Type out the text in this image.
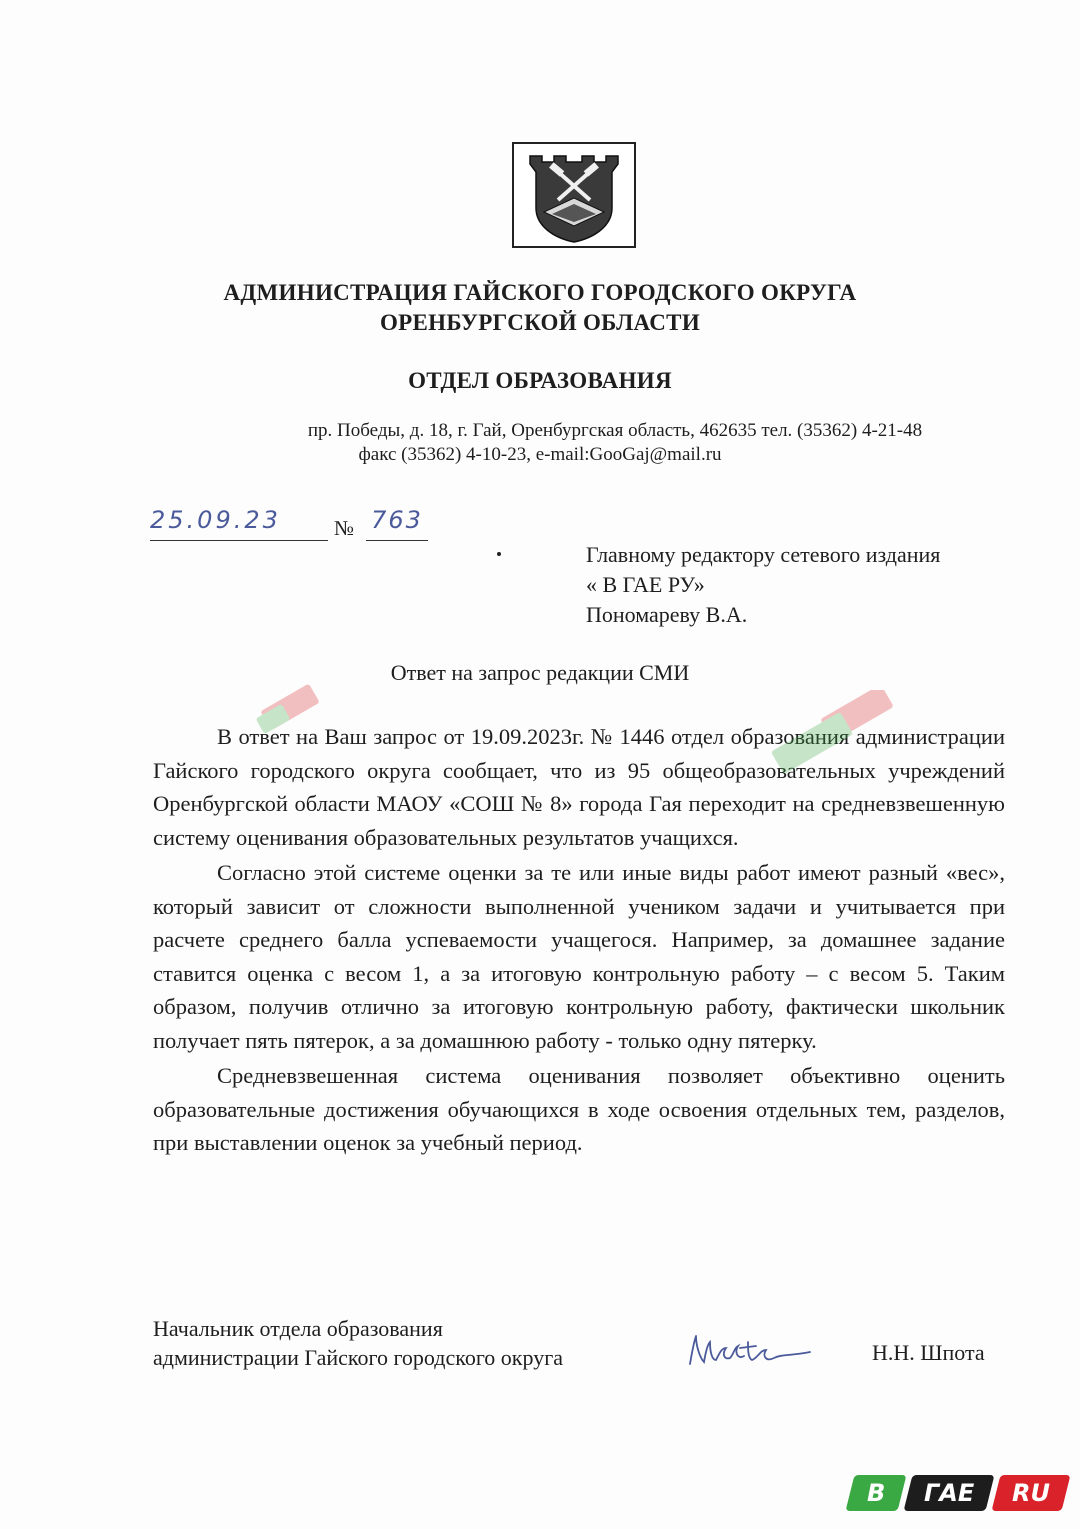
АДМИНИСТРАЦИЯ ГАЙСКОГО ГОРОДСКОГО ОКРУГА
ОРЕНБУРГСКОЙ ОБЛАСТИ
ОТДЕЛ ОБРАЗОВАНИЯ
пр. Победы, д. 18, г. Гай, Оренбургская область, 462635 тел. (35362) 4-21-48
факс (35362) 4-10-23, e-mail:GooGaj@mail.ru
25.09.23	№ 763
Главному редактору сетевого издания
« В ГАЕ РУ»
Пономареву В.А.
Ответ на запрос редакции СМИ

В ответ на Ваш запрос от 19.09.2023г. № 1446 отдел образования администрации Гайского городского округа сообщает, что из 95 общеобразовательных учреждений Оренбургской области МАОУ «СОШ № 8» города Гая переходит на средневзвешенную систему оценивания образовательных результатов учащихся.

Согласно этой системе оценки за те или иные виды работ имеют разный «вес», который зависит от сложности выполненной учеником задачи и учитывается при расчете среднего балла успеваемости учащегося. Например, за домашнее задание ставится оценка с весом 1, а за итоговую контрольную работу – с весом 5. Таким образом, получив отлично за итоговую контрольную работу, фактически школьник получает пять пятерок, а за домашнюю работу - только одну пятерку.

Средневзвешенная система оценивания позволяет объективно оценить образовательные достижения обучающихся в ходе освоения отдельных тем, разделов, при выставлении оценок за учебный период.

Начальник отдела образования
администрации Гайского городского округа	Н.Н. Шпота
В ГАЕ RU
